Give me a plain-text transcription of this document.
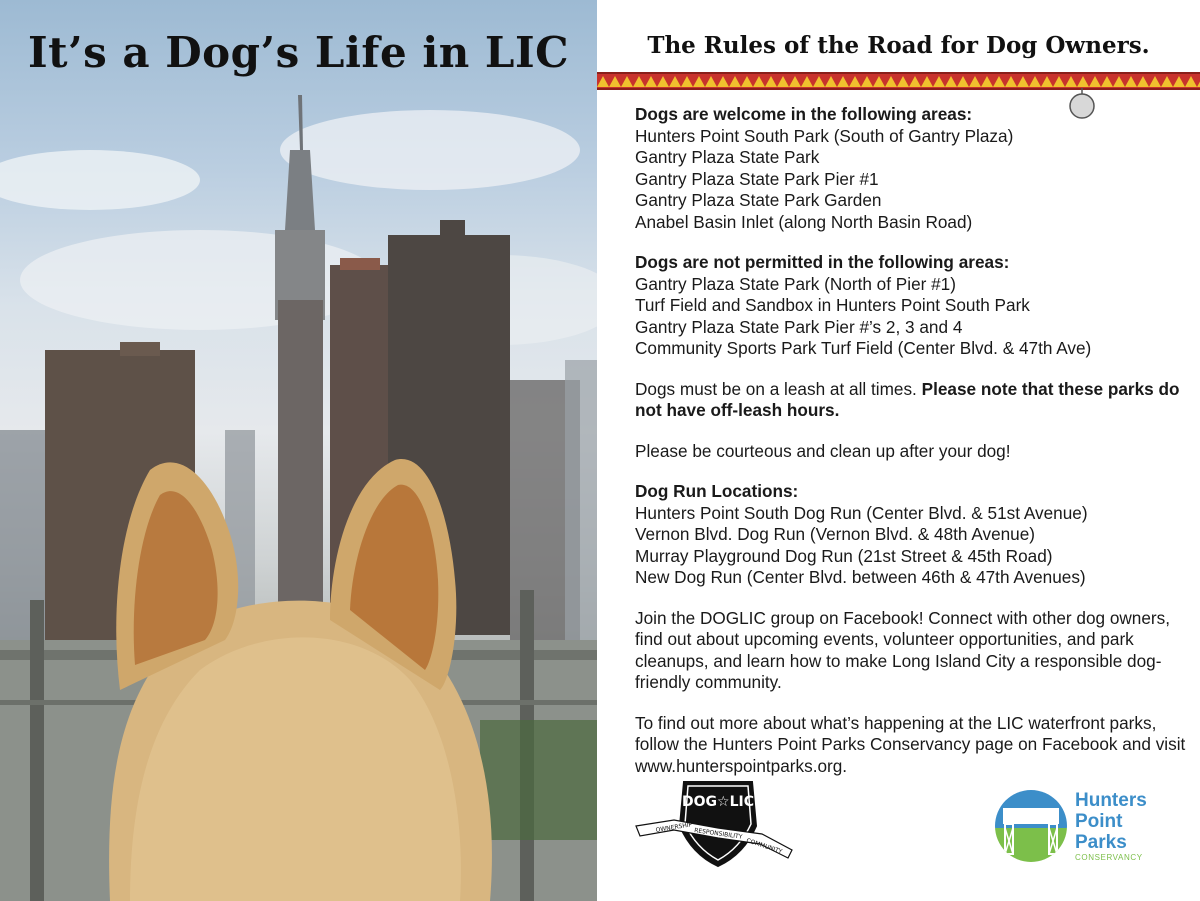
It’s a Dog’s Life in LIC	The Rules of the Road for Dog Owners.
Dogs are welcome in the following areas:
Hunters Point South Park (South of Gantry Plaza)
Gantry Plaza State Park
Gantry Plaza State Park Pier #1
Gantry Plaza State Park Garden
Anabel Basin Inlet (along North Basin Road)
Dogs are not permitted in the following areas:
Gantry Plaza State Park (North of Pier #1)
Turf Field and Sandbox in Hunters Point South Park
Gantry Plaza State Park Pier #’s 2, 3 and 4
Community Sports Park Turf Field (Center Blvd. & 47th Ave)

Dogs must be on a leash at all times. Please note that these parks do not have off-leash hours.

Please be courteous and clean up after your dog!

Dog Run Locations:
Hunters Point South Dog Run (Center Blvd. & 51st Avenue)
Vernon Blvd. Dog Run (Vernon Blvd. & 48th Avenue)
Murray Playground Dog Run (21st Street & 45th Road)
New Dog Run (Center Blvd. between 46th & 47th Avenues)

Join the DOGLIC group on Facebook! Connect with other dog owners, find out about upcoming events, volunteer opportunities, and park cleanups, and learn how to make Long Island City a responsible dog-friendly community.

To find out more about what’s happening at the LIC waterfront parks, follow the Hunters Point Parks Conservancy page on Facebook and visit www.hunterspointparks.org.

DOG☆LIC
OWNERSHIP RESPONSIBILITY
COMMUNITY
Hunters
Point
Parks
CONSERVANCY
